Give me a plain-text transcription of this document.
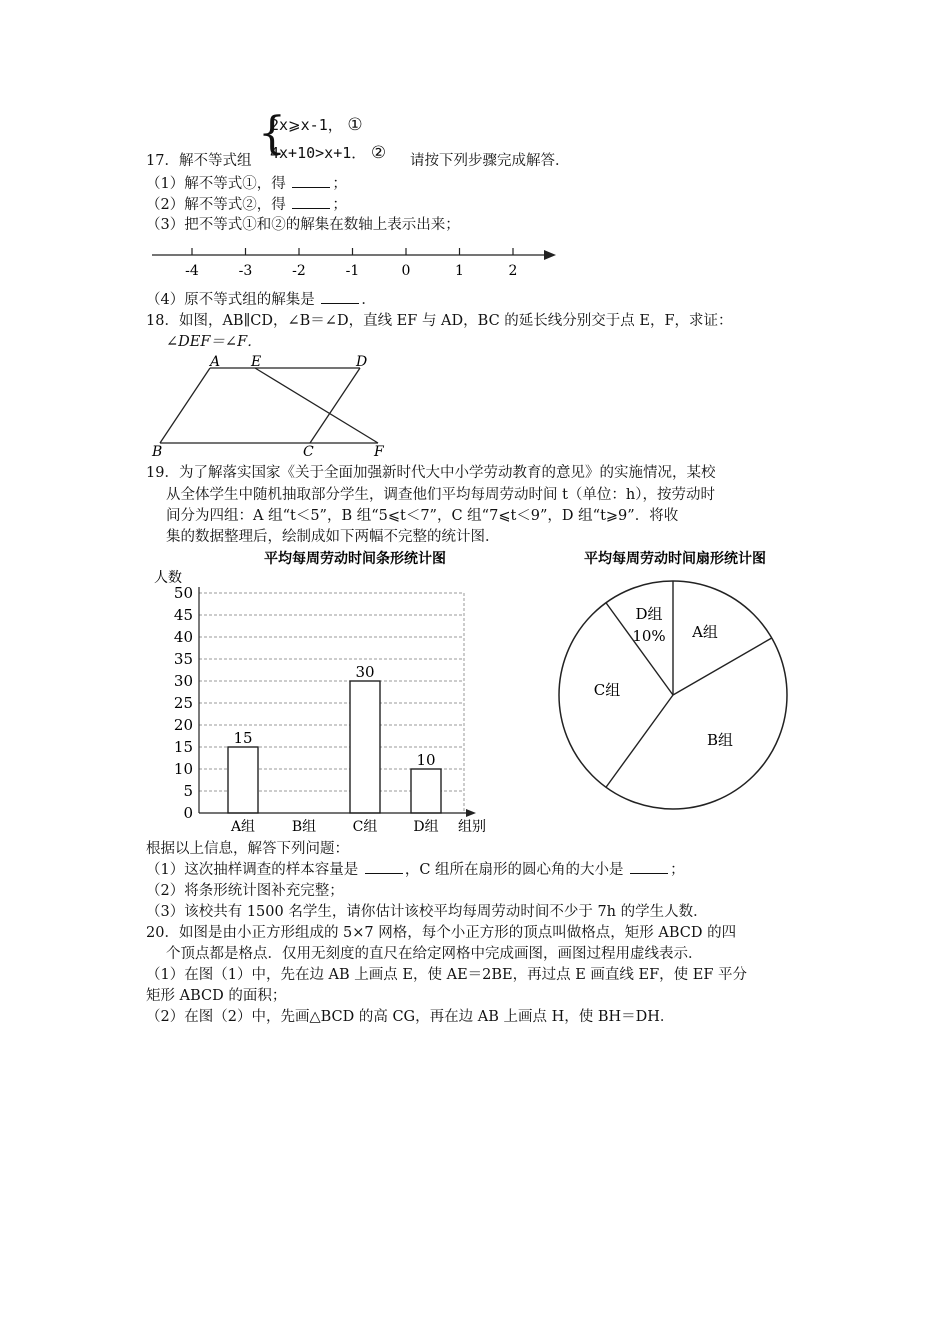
2x⩾x-1， ①
{
4x+10>x+1． ②
17．解不等式组	请按下列步骤完成解答．
（1）解不等式①，得	；
（2）解不等式②，得	；
（3）把不等式①和②的解集在数轴上表示出来；
-4	-3	-2	-1	0	1	2
（4）原不等式组的解集是	．
18．如图，AB∥CD，∠B＝∠D，直线 EF 与 AD，BC 的延长线分别交于点 E，F，求证：
∠DEF＝∠F．
A E	D
B	C	F
19．为了解落实国家《关于全面加强新时代大中小学劳动教育的意见》的实施情况，某校
从全体学生中随机抽取部分学生，调查他们平均每周劳动时间 t（单位：h），按劳动时
间分为四组：A 组“t＜5”，B 组“5⩽t＜7”，C 组“7⩽t＜9”，D 组“t⩾9”．将收
集的数据整理后，绘制成如下两幅不完整的统计图．
平均每周劳动时间条形统计图
人数
0
5
10
15
20
25
30
35
40
45
50
15
30
10
A组	B组	C组	D组 组别
平均每周劳动时间扇形统计图
A组
B组
C组
D组
10%
根据以上信息，解答下列问题：
（1）这次抽样调查的样本容量是	，C 组所在扇形的圆心角的大小是	；
（2）将条形统计图补充完整；
（3）该校共有 1500 名学生，请你估计该校平均每周劳动时间不少于 7h 的学生人数．
20．如图是由小正方形组成的 5×7 网格，每个小正方形的顶点叫做格点，矩形 ABCD 的四
个顶点都是格点．仅用无刻度的直尺在给定网格中完成画图，画图过程用虚线表示．
（1）在图（1）中，先在边 AB 上画点 E，使 AE＝2BE，再过点 E 画直线 EF，使 EF 平分
矩形 ABCD 的面积；
（2）在图（2）中，先画△BCD 的高 CG，再在边 AB 上画点 H，使 BH＝DH．
